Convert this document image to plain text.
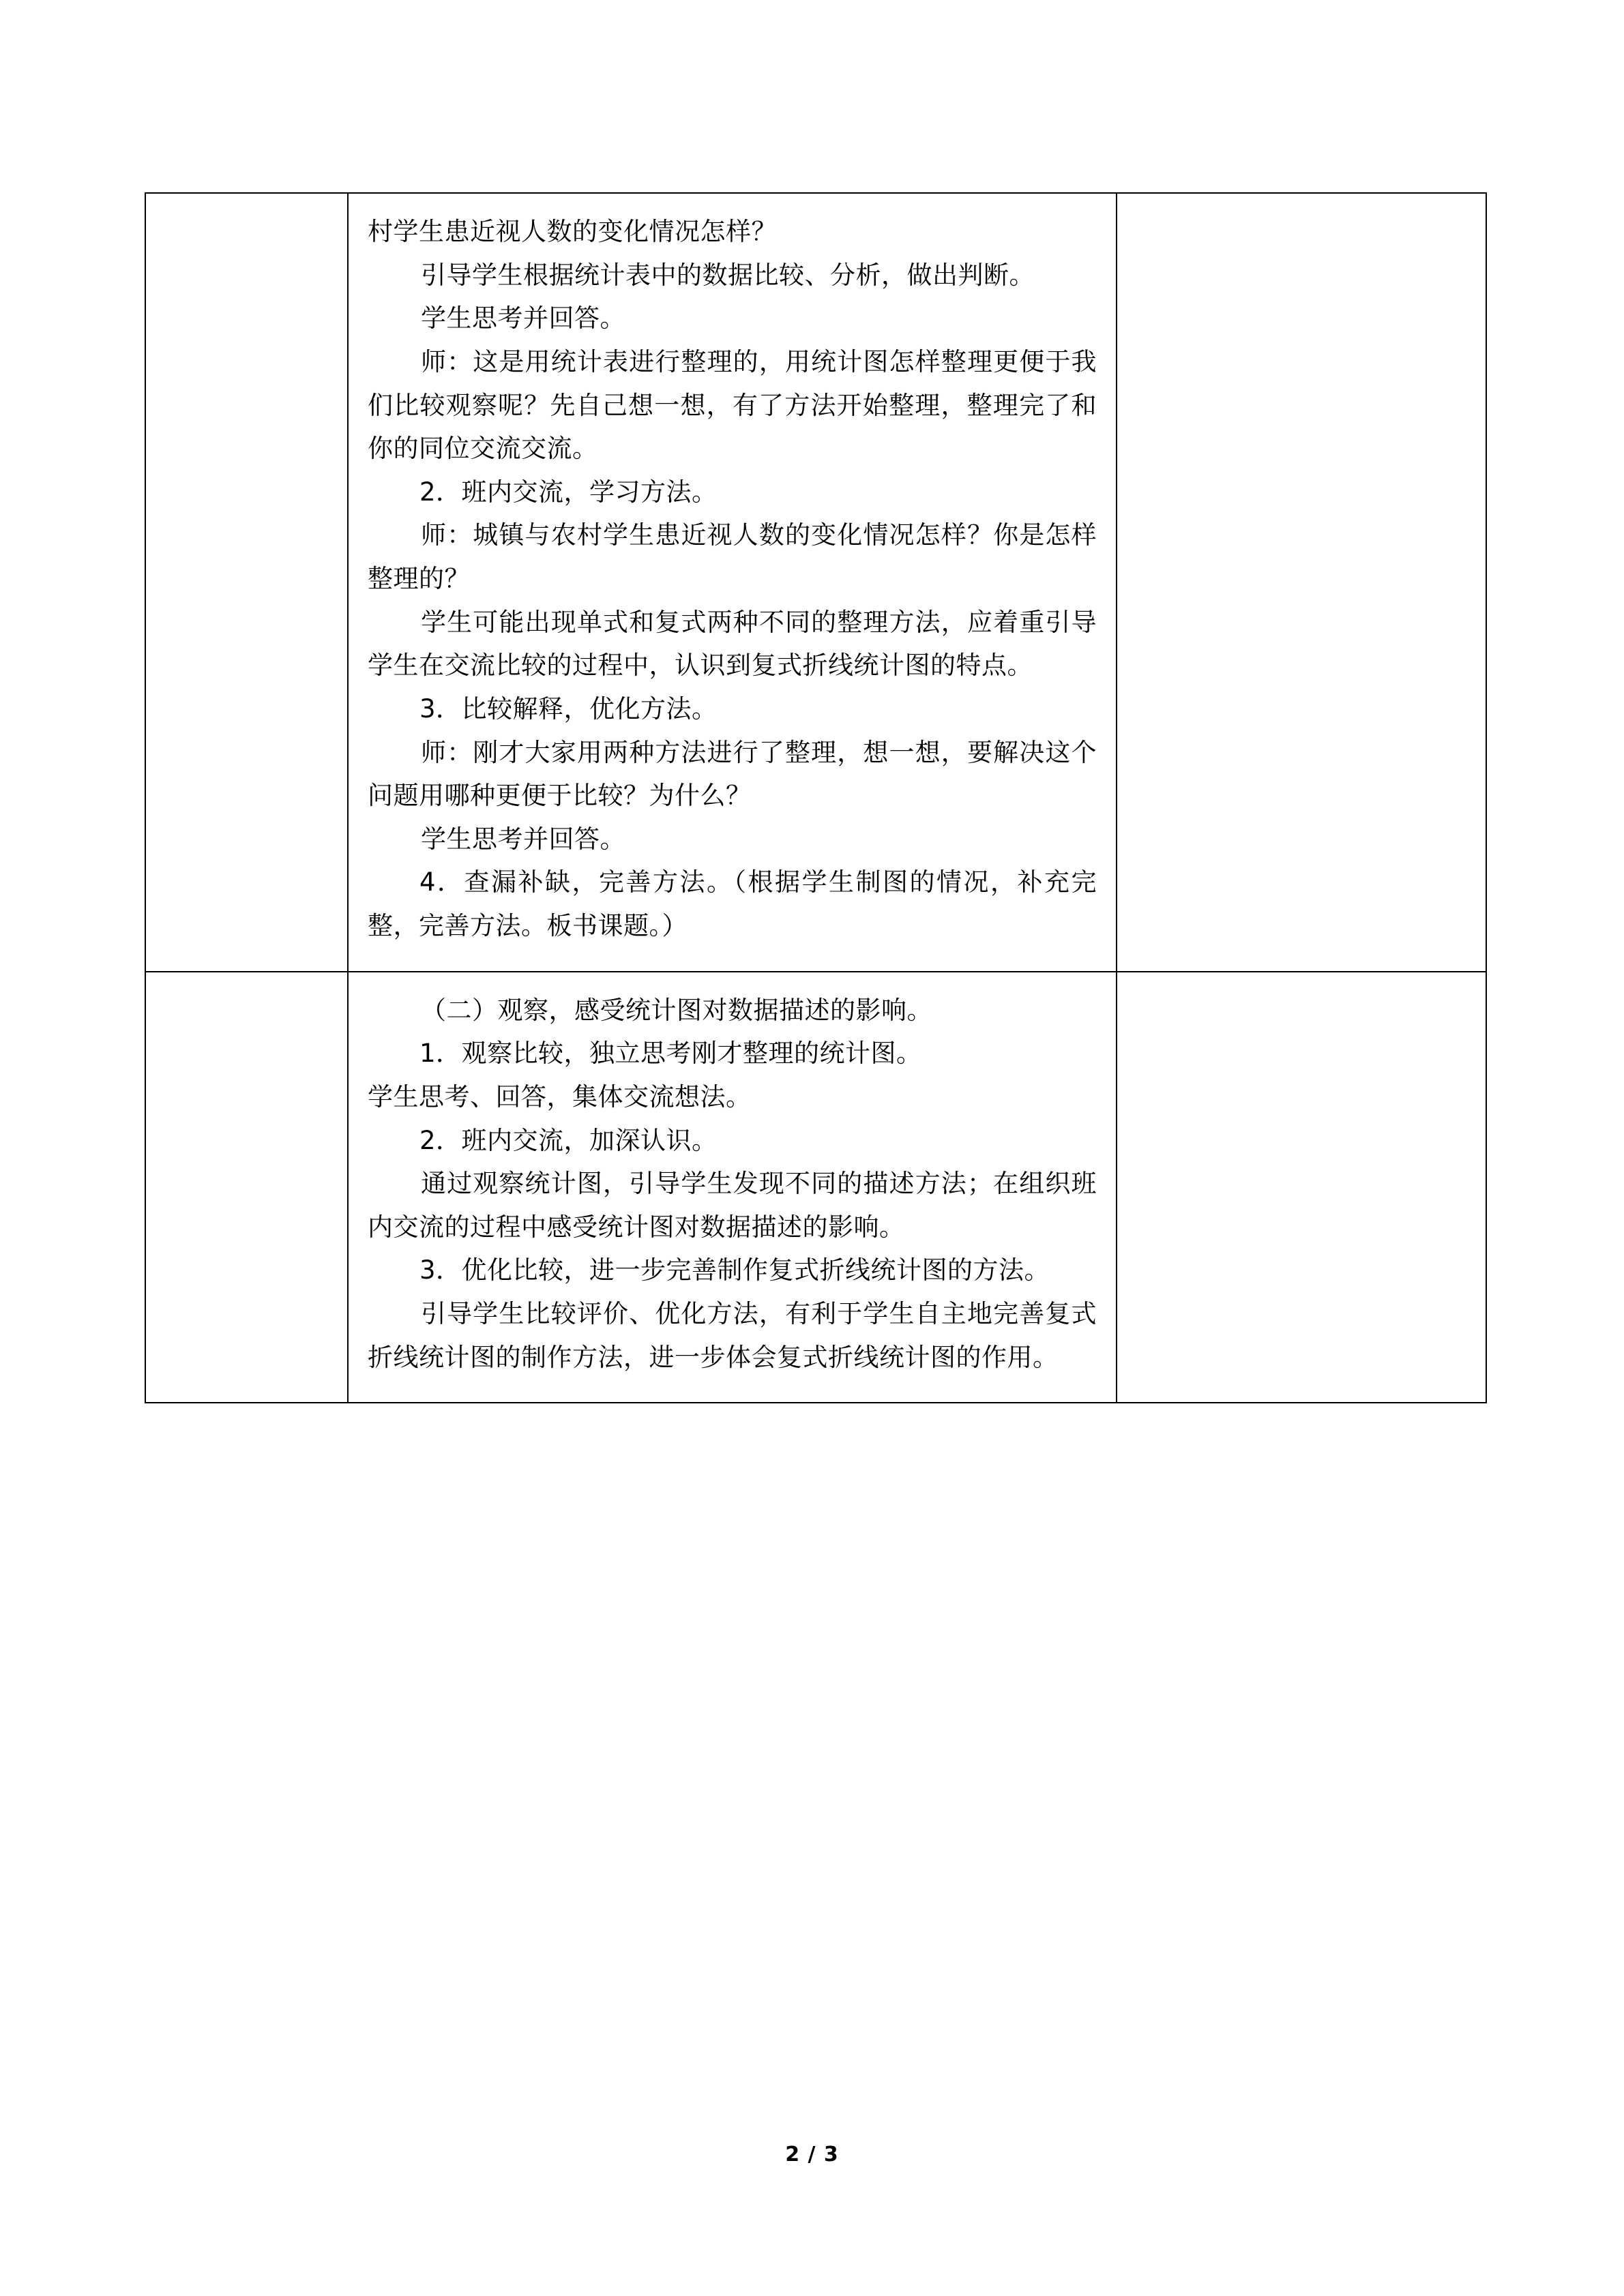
村学生患近视人数的变化情况怎样？

引导学生根据统计表中的数据比较、分析，做出判断。

学生思考并回答。

师：这是用统计表进行整理的，用统计图怎样整理更便于我们比较观察呢？先自己想一想，有了方法开始整理，整理完了和你的同位交流交流。

2．班内交流，学习方法。

师：城镇与农村学生患近视人数的变化情况怎样？你是怎样整理的？

学生可能出现单式和复式两种不同的整理方法，应着重引导学生在交流比较的过程中，认识到复式折线统计图的特点。

3．比较解释，优化方法。

师：刚才大家用两种方法进行了整理，想一想，要解决这个问题用哪种更便于比较？为什么？

学生思考并回答。

4．查漏补缺，完善方法。（根据学生制图的情况，补充完整，完善方法。板书课题。）

（二）观察，感受统计图对数据描述的影响。

1．观察比较，独立思考刚才整理的统计图。

学生思考、回答，集体交流想法。

2．班内交流，加深认识。

通过观察统计图，引导学生发现不同的描述方法；在组织班内交流的过程中感受统计图对数据描述的影响。

3．优化比较，进一步完善制作复式折线统计图的方法。

引导学生比较评价、优化方法，有利于学生自主地完善复式折线统计图的制作方法，进一步体会复式折线统计图的作用。

2 / 3
